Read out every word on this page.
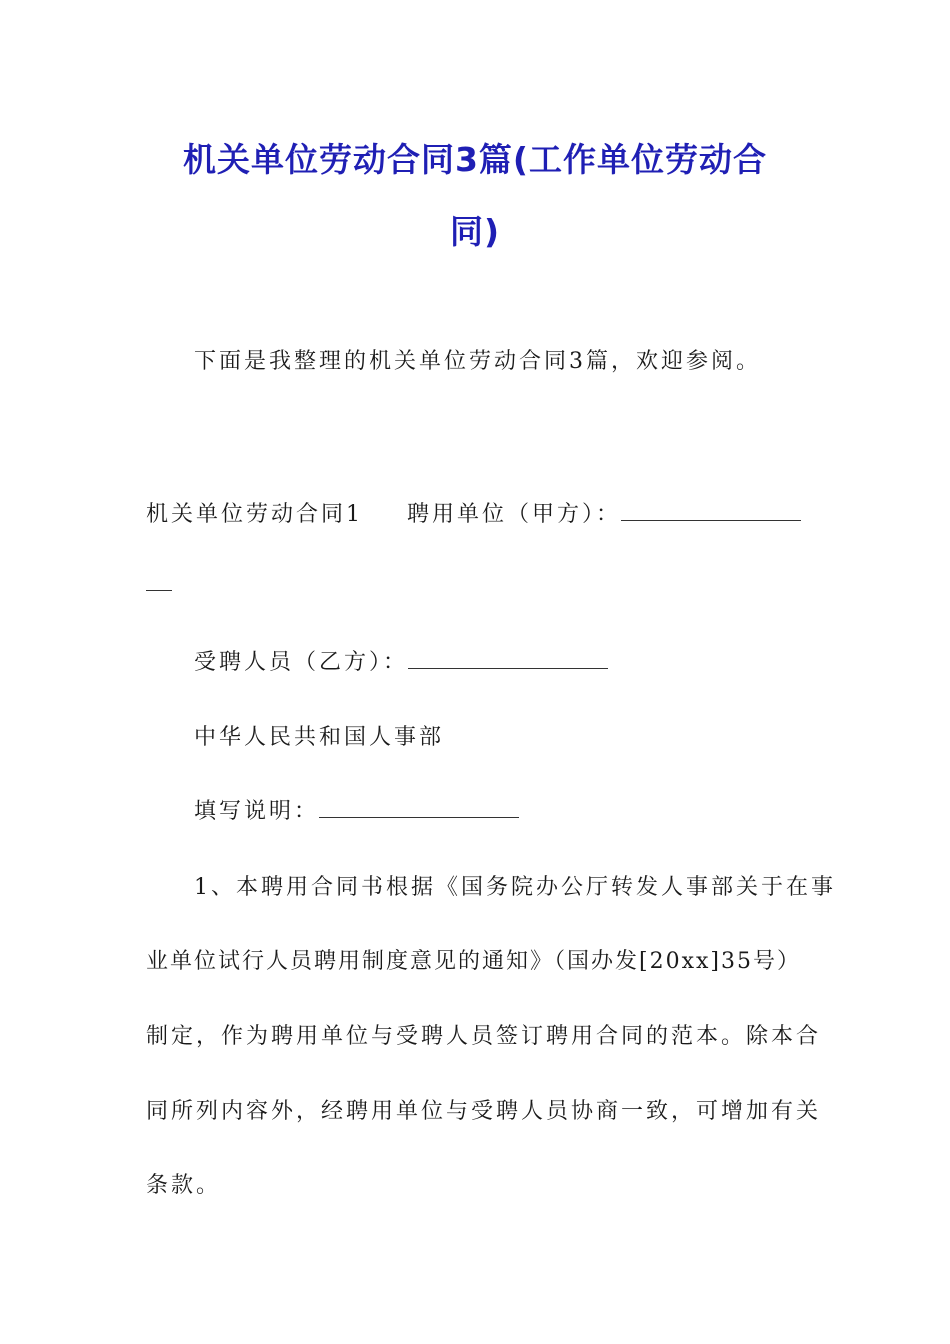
机关单位劳动合同3篇(工作单位劳动合
同)
下面是我整理的机关单位劳动合同3篇，欢迎参阅。
机关单位劳动合同1 聘用单位（甲方）：
受聘人员（乙方）：
中华人民共和国人事部
填写说明：
1、本聘用合同书根据《国务院办公厅转发人事部关于在事
业单位试行人员聘用制度意见的通知》（国办发[20xx]35号）
制定，作为聘用单位与受聘人员签订聘用合同的范本。除本合
同所列内容外，经聘用单位与受聘人员协商一致，可增加有关
条款。
